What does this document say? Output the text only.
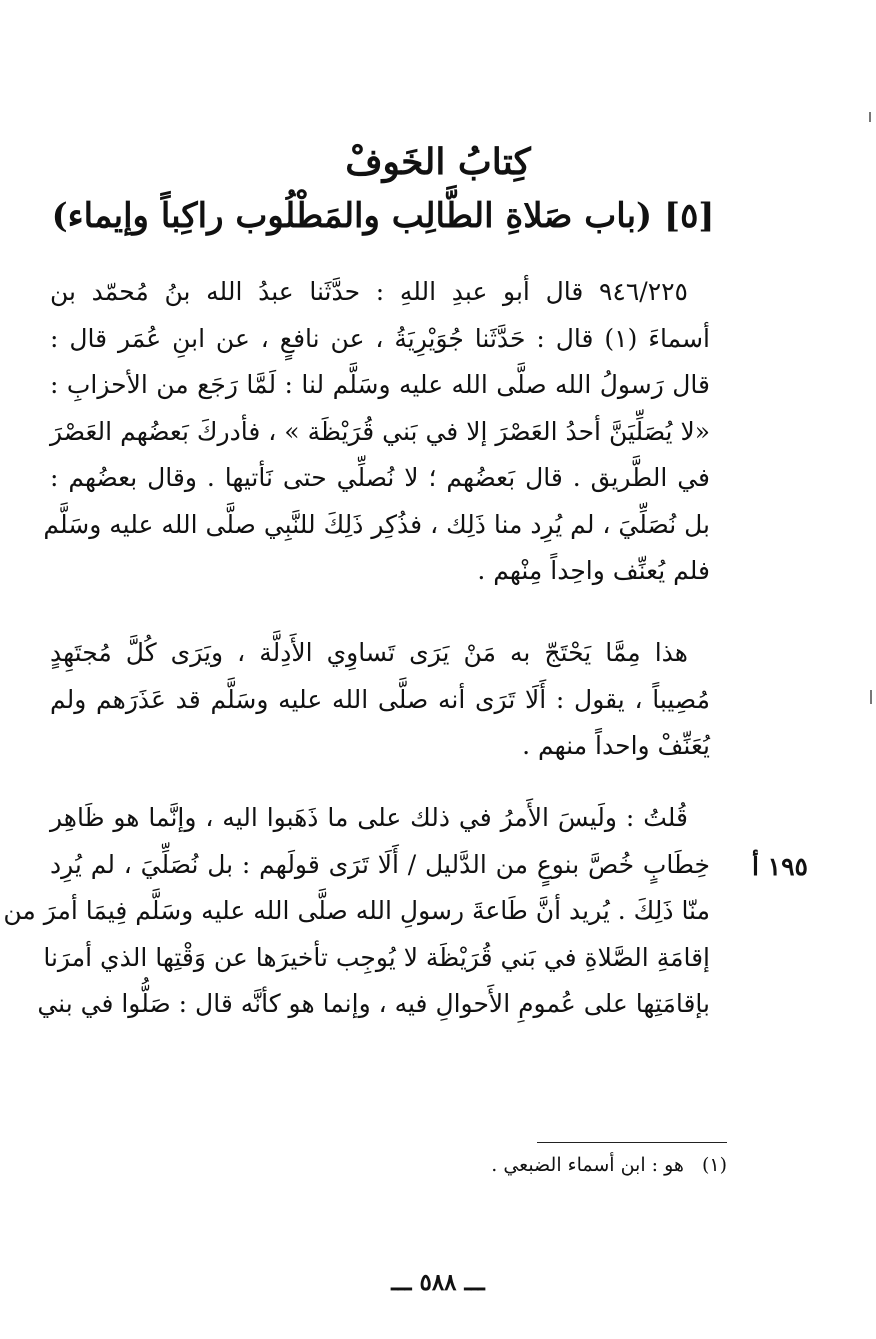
كِتابُ الخَوفْ
[٥] (باب صَلاةِ الطَّالِب والمَطْلُوب راكِباً وإيماء)
٩٤٦/٢٢٥ قال أبو عبدِ اللهِ : حدَّثَنا عبدُ الله بنُ مُحمّد بن
أسماءَ (١) قال : حَدَّثَنا جُوَيْرِيَةُ ، عن نافعٍ ، عن ابنِ عُمَر قال :
قال رَسولُ الله صلَّى الله عليه وسَلَّم لنا : لَمَّا رَجَع من الأحزابِ :
«لا يُصَلِّيَنَّ أحدُ العَصْرَ إلا في بَني قُرَيْظَة » ، فأدركَ بَعضُهم العَصْرَ
في الطَّريق . قال بَعضُهم ؛ لا نُصلِّي حتى نَأتيها . وقال بعضُهم :
بل نُصَلِّيَ ، لم يُرِد منا ذَلِك ، فذُكِر ذَلِكَ للنَّبِي صلَّى الله عليه وسَلَّم
فلم يُعنِّف واحِداً مِنْهم .
هذا مِمَّا يَحْتَجّ به مَنْ يَرَى تَساوِي الأَدِلَّة ، ويَرَى كُلَّ مُجتَهِدٍ
مُصِيباً ، يقول : أَلَا تَرَى أنه صلَّى الله عليه وسَلَّم قد عَذَرَهم ولم
يُعَنِّفْ واحداً منهم .
قُلتُ : ولَيسَ الأَمرُ في ذلك على ما ذَهَبوا اليه ، وإنَّما هو ظَاهِر
خِطَابٍ خُصَّ بنوعٍ من الدَّليل / أَلَا تَرَى قولَهم : بل نُصَلِّيَ ، لم يُرِد
منّا ذَلِكَ . يُريد أنَّ طَاعةَ رسولِ الله صلَّى الله عليه وسَلَّم فِيمَا أمرَ من
إقامَةِ الصَّلاةِ في بَني قُرَيْظَة لا يُوجِب تأخيرَها عن وَقْتِها الذي أمرَنا
بإقامَتِها على عُمومِ الأَحوالِ فيه ، وإنما هو كأنَّه قال : صَلُّوا في بني
١٩٥ أ
(١)هو : ابن أسماء الضبعي .
ـــ ٥٨٨ ـــ
